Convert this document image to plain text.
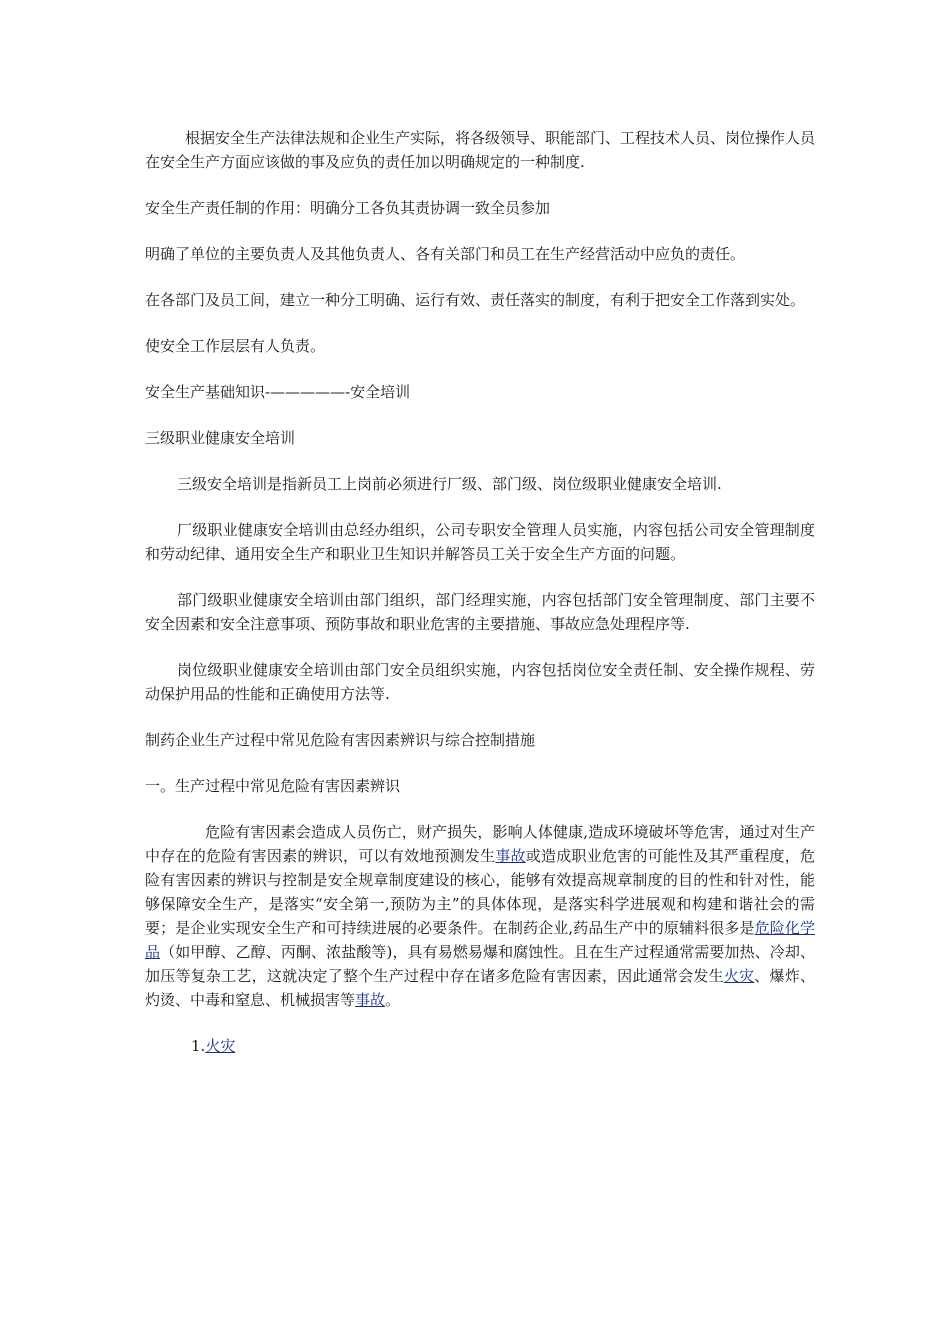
根据安全生产法律法规和企业生产实际，将各级领导、职能部门、工程技术人员、岗位操作人员在安全生产方面应该做的事及应负的责任加以明确规定的一种制度.

安全生产责任制的作用：明确分工各负其责协调一致全员参加

明确了单位的主要负责人及其他负责人、各有关部门和员工在生产经营活动中应负的责任。

在各部门及员工间，建立一种分工明确、运行有效、责任落实的制度，有利于把安全工作落到实处。

使安全工作层层有人负责。

安全生产基础知识-—————-安全培训

三级职业健康安全培训

三级安全培训是指新员工上岗前必须进行厂级、部门级、岗位级职业健康安全培训.

厂级职业健康安全培训由总经办组织，公司专职安全管理人员实施，内容包括公司安全管理制度和劳动纪律、通用安全生产和职业卫生知识并解答员工关于安全生产方面的问题。

部门级职业健康安全培训由部门组织，部门经理实施，内容包括部门安全管理制度、部门主要不安全因素和安全注意事项、预防事故和职业危害的主要措施、事故应急处理程序等.

岗位级职业健康安全培训由部门安全员组织实施，内容包括岗位安全责任制、安全操作规程、劳动保护用品的性能和正确使用方法等.

制药企业生产过程中常见危险有害因素辨识与综合控制措施

一。生产过程中常见危险有害因素辨识

危险有害因素会造成人员伤亡，财产损失，影响人体健康,造成环境破坏等危害，通过对生产中存在的危险有害因素的辨识，可以有效地预测发生事故或造成职业危害的可能性及其严重程度，危险有害因素的辨识与控制是安全规章制度建设的核心，能够有效提高规章制度的目的性和针对性，能够保障安全生产，是落实“安全第一,预防为主”的具体体现，是落实科学进展观和构建和谐社会的需要；是企业实现安全生产和可持续进展的必要条件。在制药企业,药品生产中的原辅料很多是危险化学品（如甲醇、乙醇、丙酮、浓盐酸等)，具有易燃易爆和腐蚀性。且在生产过程通常需要加热、冷却、加压等复杂工艺，这就决定了整个生产过程中存在诸多危险有害因素，因此通常会发生火灾、爆炸、灼烫、中毒和窒息、机械损害等事故。

1.火灾
